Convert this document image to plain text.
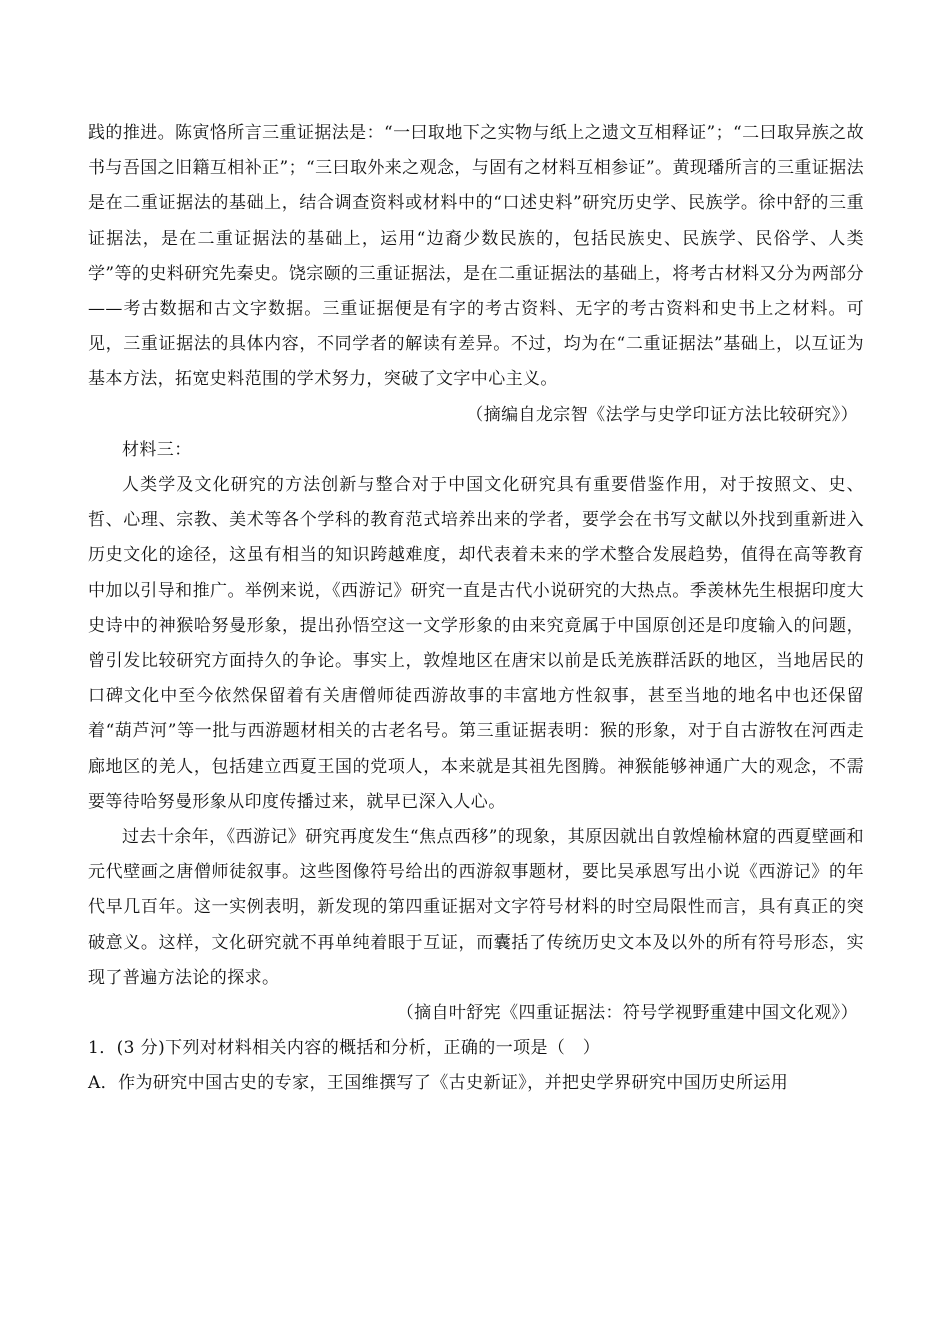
践的推进。陈寅恪所言三重证据法是：“一曰取地下之实物与纸上之遗文互相释证”；“二曰取异族之故书与吾国之旧籍互相补正”；“三曰取外来之观念，与固有之材料互相参证”。黄现璠所言的三重证据法是在二重证据法的基础上，结合调查资料或材料中的“口述史料”研究历史学、民族学。徐中舒的三重证据法，是在二重证据法的基础上，运用“边裔少数民族的，包括民族史、民族学、民俗学、人类学”等的史料研究先秦史。饶宗颐的三重证据法，是在二重证据法的基础上，将考古材料又分为两部分——考古数据和古文字数据。三重证据便是有字的考古资料、无字的考古资料和史书上之材料。可见，三重证据法的具体内容，不同学者的解读有差异。不过，均为在“二重证据法”基础上，以互证为基本方法，拓宽史料范围的学术努力，突破了文字中心主义。

（摘编自龙宗智《法学与史学印证方法比较研究》）

材料三：

人类学及文化研究的方法创新与整合对于中国文化研究具有重要借鉴作用，对于按照文、史、哲、心理、宗教、美术等各个学科的教育范式培养出来的学者，要学会在书写文献以外找到重新进入历史文化的途径，这虽有相当的知识跨越难度，却代表着未来的学术整合发展趋势，值得在高等教育中加以引导和推广。举例来说，《西游记》研究一直是古代小说研究的大热点。季羡林先生根据印度大史诗中的神猴哈努曼形象，提出孙悟空这一文学形象的由来究竟属于中国原创还是印度输入的问题，曾引发比较研究方面持久的争论。事实上，敦煌地区在唐宋以前是氐羌族群活跃的地区，当地居民的口碑文化中至今依然保留着有关唐僧师徒西游故事的丰富地方性叙事，甚至当地的地名中也还保留着“葫芦河”等一批与西游题材相关的古老名号。第三重证据表明：猴的形象，对于自古游牧在河西走廊地区的羌人，包括建立西夏王国的党项人，本来就是其祖先图腾。神猴能够神通广大的观念，不需要等待哈努曼形象从印度传播过来，就早已深入人心。

过去十余年，《西游记》研究再度发生“焦点西移”的现象，其原因就出自敦煌榆林窟的西夏壁画和元代壁画之唐僧师徒叙事。这些图像符号给出的西游叙事题材，要比吴承恩写出小说《西游记》的年代早几百年。这一实例表明，新发现的第四重证据对文字符号材料的时空局限性而言，具有真正的突破意义。这样，文化研究就不再单纯着眼于互证，而囊括了传统历史文本及以外的所有符号形态，实现了普遍方法论的探求。

（摘自叶舒宪《四重证据法：符号学视野重建中国文化观》）

1．(3 分)下列对材料相关内容的概括和分析，正确的一项是（　）

A．作为研究中国古史的专家，王国维撰写了《古史新证》，并把史学界研究中国历史所运用
